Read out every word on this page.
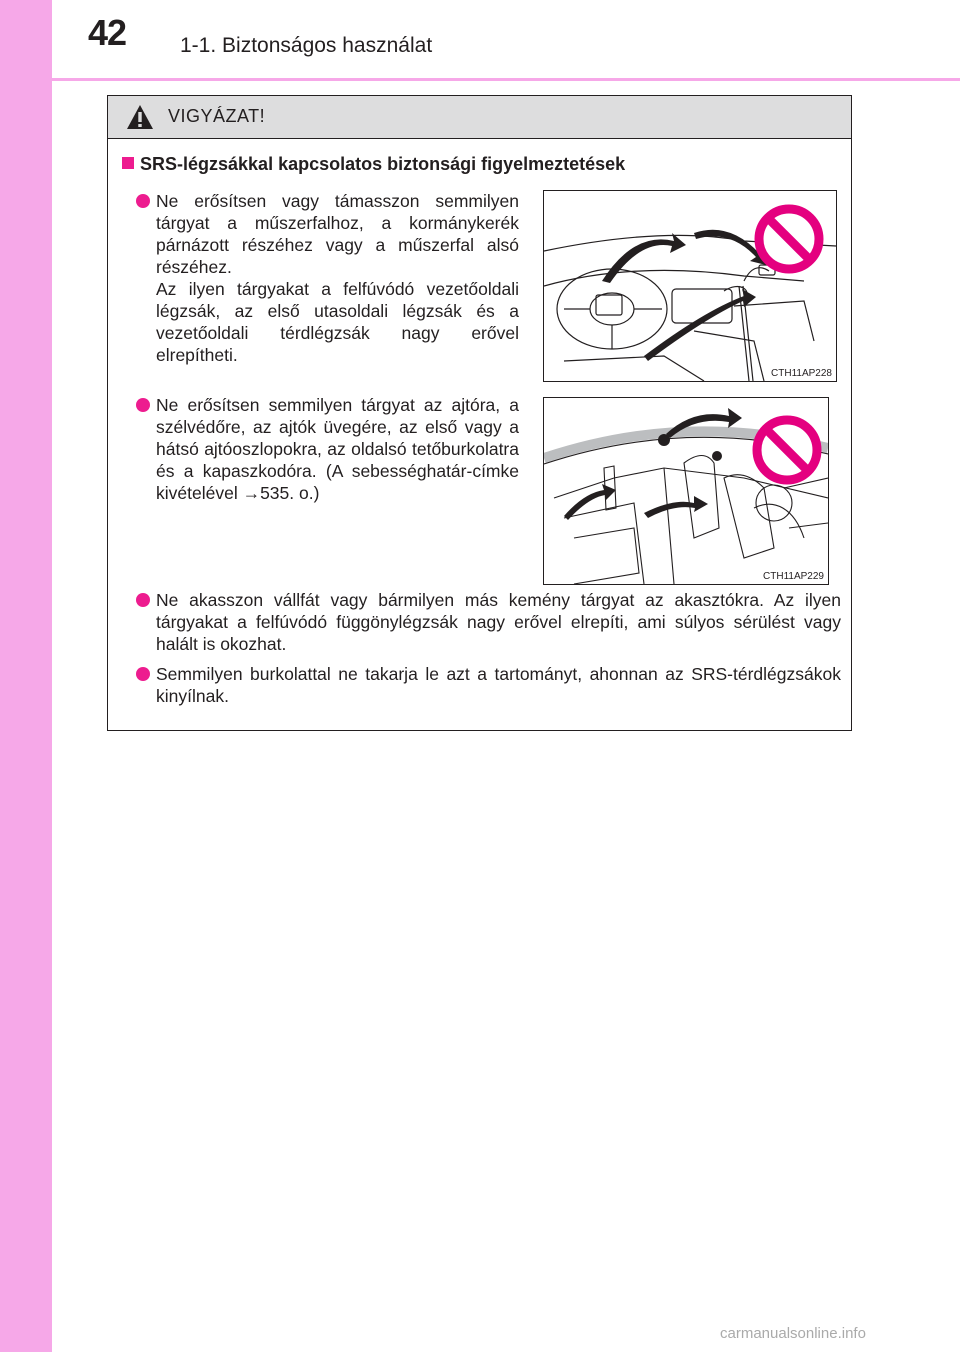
42	1-1. Biztonságos használat
VIGYÁZAT!
SRS-légzsákkal kapcsolatos biztonsági figyelmeztetések

Ne erősítsen vagy támasszon semmilyen tárgyat a műszerfalhoz, a kormánykerék párnázott részéhez vagy a műszerfal alsó részéhez.

Az ilyen tárgyakat a felfúvódó vezetőoldali légzsák, az első utasoldali légzsák és a vezetőoldali térdlégzsák nagy erővel elrepítheti.

CTH11AP228

Ne erősítsen semmilyen tárgyat az ajtóra, a szélvédőre, az ajtók üvegére, az első vagy a hátsó ajtóoszlopokra, az oldalsó tetőburkolatra és a kapaszkodóra. (A sebességhatár-címke kivételével →535. o.)

CTH11AP229

Ne akasszon vállfát vagy bármilyen más kemény tárgyat az akasztókra. Az ilyen tárgyakat a felfúvódó függönylégzsák nagy erővel elrepíti, ami súlyos sérülést vagy halált is okozhat.

Semmilyen burkolattal ne takarja le azt a tartományt, ahonnan az SRS-térdlégzsákok kinyílnak.

carmanualsonline.info
